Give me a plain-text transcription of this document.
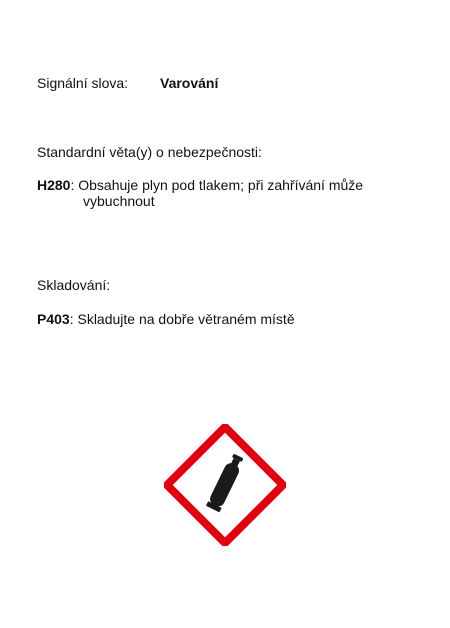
Signální slova: Varování
Standardní věta(y) o nebezpečnosti:
H280: Obsahuje plyn pod tlakem; při zahřívání může
vybuchnout
Skladování:
P403: Skladujte na dobře větraném místě
